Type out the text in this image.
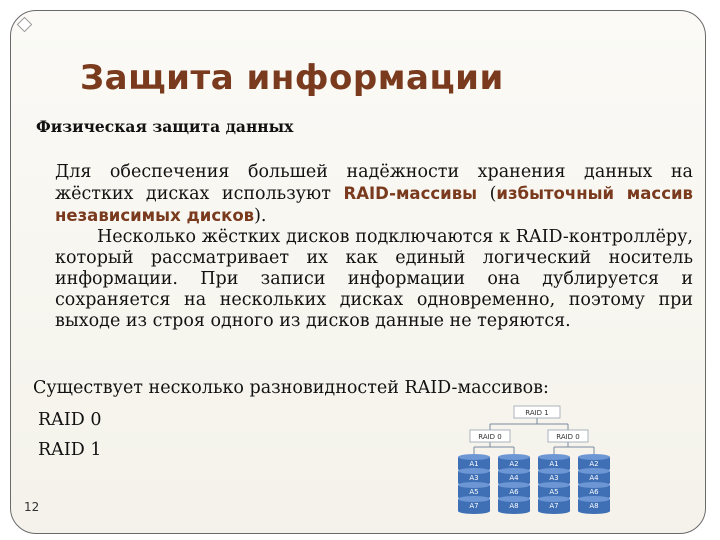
Защита информации
Физическая защита данных

Для обеспечения большей надёжности хранения данных на жёстких дисках используют RAID-массивы (избыточный массив независимых дисков).

Несколько жёстких дисков подключаются к RAID-контроллёру, который рассматривает их как единый логический носитель информации. При записи информации она дублируется и сохраняется на нескольких дисках одновременно, поэтому при выходе из строя одного из дисков данные не теряются.

Существует несколько разновидностей RAID-массивов:
RAID 0
RAID 1
12
RAID 1
RAID 0	RAID 0
A1
A3
A5
A7
A2
A4
A6
A8
A1
A3
A5
A7
A2
A4
A6
A8
